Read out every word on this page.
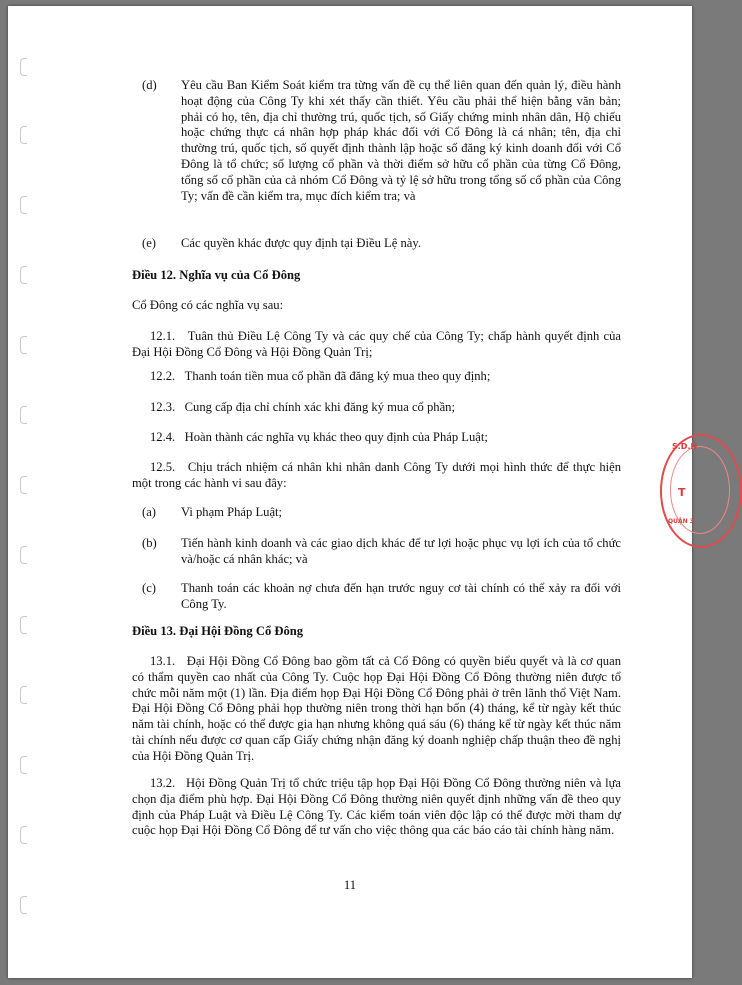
S.D.N
T
QUẬN 3
(d) Yêu cầu Ban Kiểm Soát kiểm tra từng vấn đề cụ thể liên quan đến quản lý, điều hành hoạt động của Công Ty khi xét thấy cần thiết. Yêu cầu phải thể hiện bằng văn bản; phải có họ, tên, địa chỉ thường trú, quốc tịch, số Giấy chứng minh nhân dân, Hộ chiếu hoặc chứng thực cá nhân hợp pháp khác đối với Cổ Đông là cá nhân; tên, địa chỉ thường trú, quốc tịch, số quyết định thành lập hoặc số đăng ký kinh doanh đối với Cổ Đông là tổ chức; số lượng cổ phần và thời điểm sở hữu cổ phần của từng Cổ Đông, tổng số cổ phần của cả nhóm Cổ Đông và tỷ lệ sở hữu trong tổng số cổ phần của Công Ty; vấn đề cần kiểm tra, mục đích kiểm tra; và
(e) Các quyền khác được quy định tại Điều Lệ này.
Điều 12. Nghĩa vụ của Cổ Đông
Cổ Đông có các nghĩa vụ sau:
12.1. Tuân thủ Điều Lệ Công Ty và các quy chế của Công Ty; chấp hành quyết định của Đại Hội Đồng Cổ Đông và Hội Đồng Quản Trị;
12.2. Thanh toán tiền mua cổ phần đã đăng ký mua theo quy định;
12.3. Cung cấp địa chỉ chính xác khi đăng ký mua cổ phần;
12.4. Hoàn thành các nghĩa vụ khác theo quy định của Pháp Luật;
12.5. Chịu trách nhiệm cá nhân khi nhân danh Công Ty dưới mọi hình thức để thực hiện một trong các hành vi sau đây:
(a) Vi phạm Pháp Luật;
(b) Tiến hành kinh doanh và các giao dịch khác để tư lợi hoặc phục vụ lợi ích của tổ chức và/hoặc cá nhân khác; và
(c) Thanh toán các khoản nợ chưa đến hạn trước nguy cơ tài chính có thể xảy ra đối với Công Ty.
Điều 13. Đại Hội Đồng Cổ Đông
13.1. Đại Hội Đồng Cổ Đông bao gồm tất cả Cổ Đông có quyền biểu quyết và là cơ quan có thẩm quyền cao nhất của Công Ty. Cuộc họp Đại Hội Đồng Cổ Đông thường niên được tổ chức mỗi năm một (1) lần. Địa điểm họp Đại Hội Đồng Cổ Đông phải ở trên lãnh thổ Việt Nam. Đại Hội Đồng Cổ Đông phải họp thường niên trong thời hạn bốn (4) tháng, kể từ ngày kết thúc năm tài chính, hoặc có thể được gia hạn nhưng không quá sáu (6) tháng kể từ ngày kết thúc năm tài chính nếu được cơ quan cấp Giấy chứng nhận đăng ký doanh nghiệp chấp thuận theo đề nghị của Hội Đồng Quản Trị.
13.2. Hội Đồng Quản Trị tổ chức triệu tập họp Đại Hội Đồng Cổ Đông thường niên và lựa chọn địa điểm phù hợp. Đại Hội Đồng Cổ Đông thường niên quyết định những vấn đề theo quy định của Pháp Luật và Điều Lệ Công Ty. Các kiểm toán viên độc lập có thể được mời tham dự cuộc họp Đại Hội Đồng Cổ Đông để tư vấn cho việc thông qua các báo cáo tài chính hàng năm.
11
